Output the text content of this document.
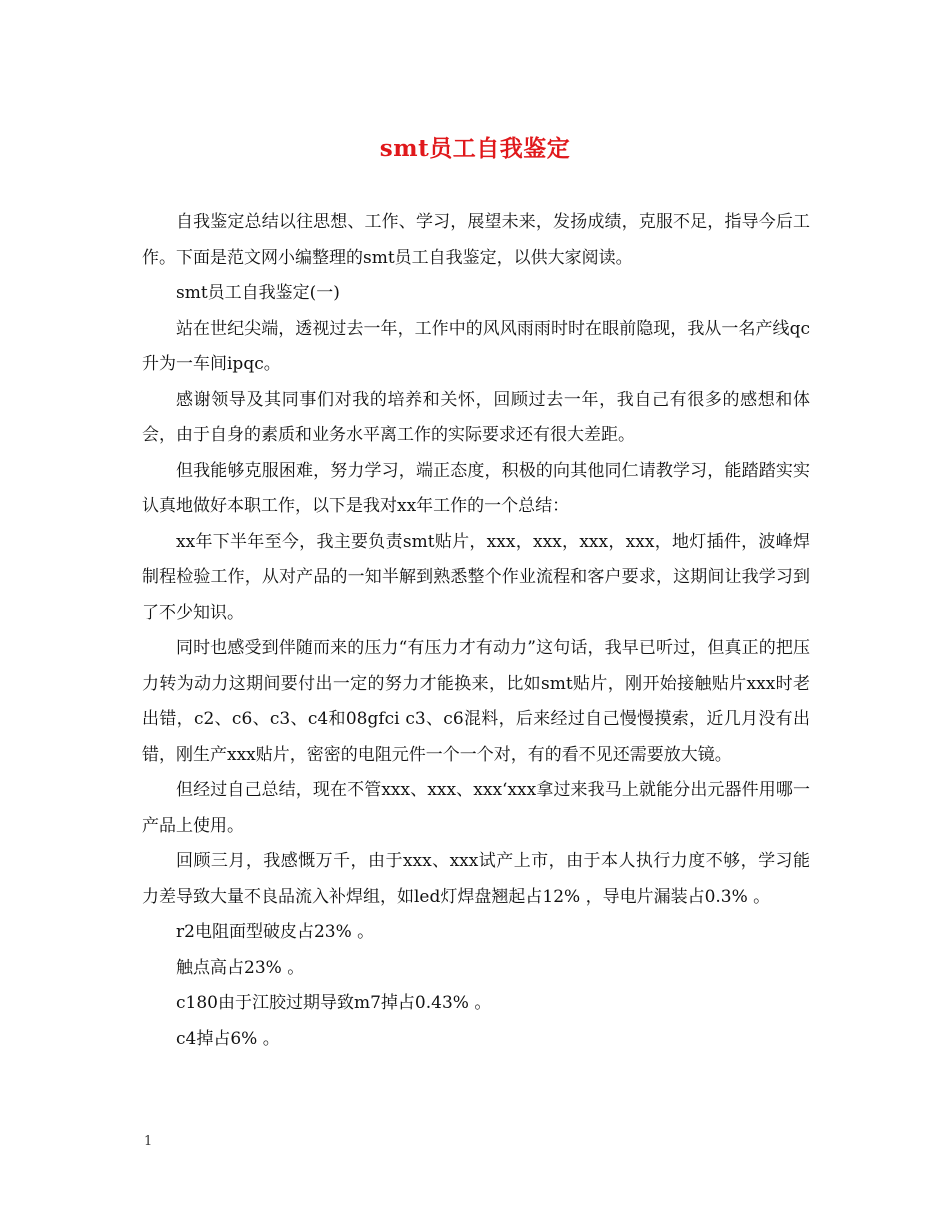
smt员工自我鉴定

自我鉴定总结以往思想、工作、学习，展望未来，发扬成绩，克服不足，指导今后工作。下面是范文网小编整理的smt员工自我鉴定，以供大家阅读。

smt员工自我鉴定(一)

站在世纪尖端，透视过去一年，工作中的风风雨雨时时在眼前隐现，我从一名产线qc升为一车间ipqc。

感谢领导及其同事们对我的培养和关怀，回顾过去一年，我自己有很多的感想和体会，由于自身的素质和业务水平离工作的实际要求还有很大差距。

但我能够克服困难，努力学习，端正态度，积极的向其他同仁请教学习，能踏踏实实认真地做好本职工作，以下是我对xx年工作的一个总结：

xx年下半年至今，我主要负责smt贴片，xxx，xxx，xxx，xxx，地灯插件，波峰焊制程检验工作，从对产品的一知半解到熟悉整个作业流程和客户要求，这期间让我学习到了不少知识。

同时也感受到伴随而来的压力“有压力才有动力”这句话，我早已听过，但真正的把压力转为动力这期间要付出一定的努力才能换来，比如smt贴片，刚开始接触贴片xxx时老出错，c2、c6、c3、c4和08gfci c3、c6混料，后来经过自己慢慢摸索，近几月没有出错，刚生产xxx贴片，密密的电阻元件一个一个对，有的看不见还需要放大镜。

但经过自己总结，现在不管xxx、xxx、xxx‘xxx拿过来我马上就能分出元器件用哪一产品上使用。

回顾三月，我感慨万千，由于xxx、xxx试产上市，由于本人执行力度不够，学习能力差导致大量不良品流入补焊组，如led灯焊盘翘起占12% ，导电片漏装占0.3% 。

r2电阻面型破皮占23% 。

触点高占23% 。

c180由于江胶过期导致m7掉占0.43% 。

c4掉占6% 。

1
